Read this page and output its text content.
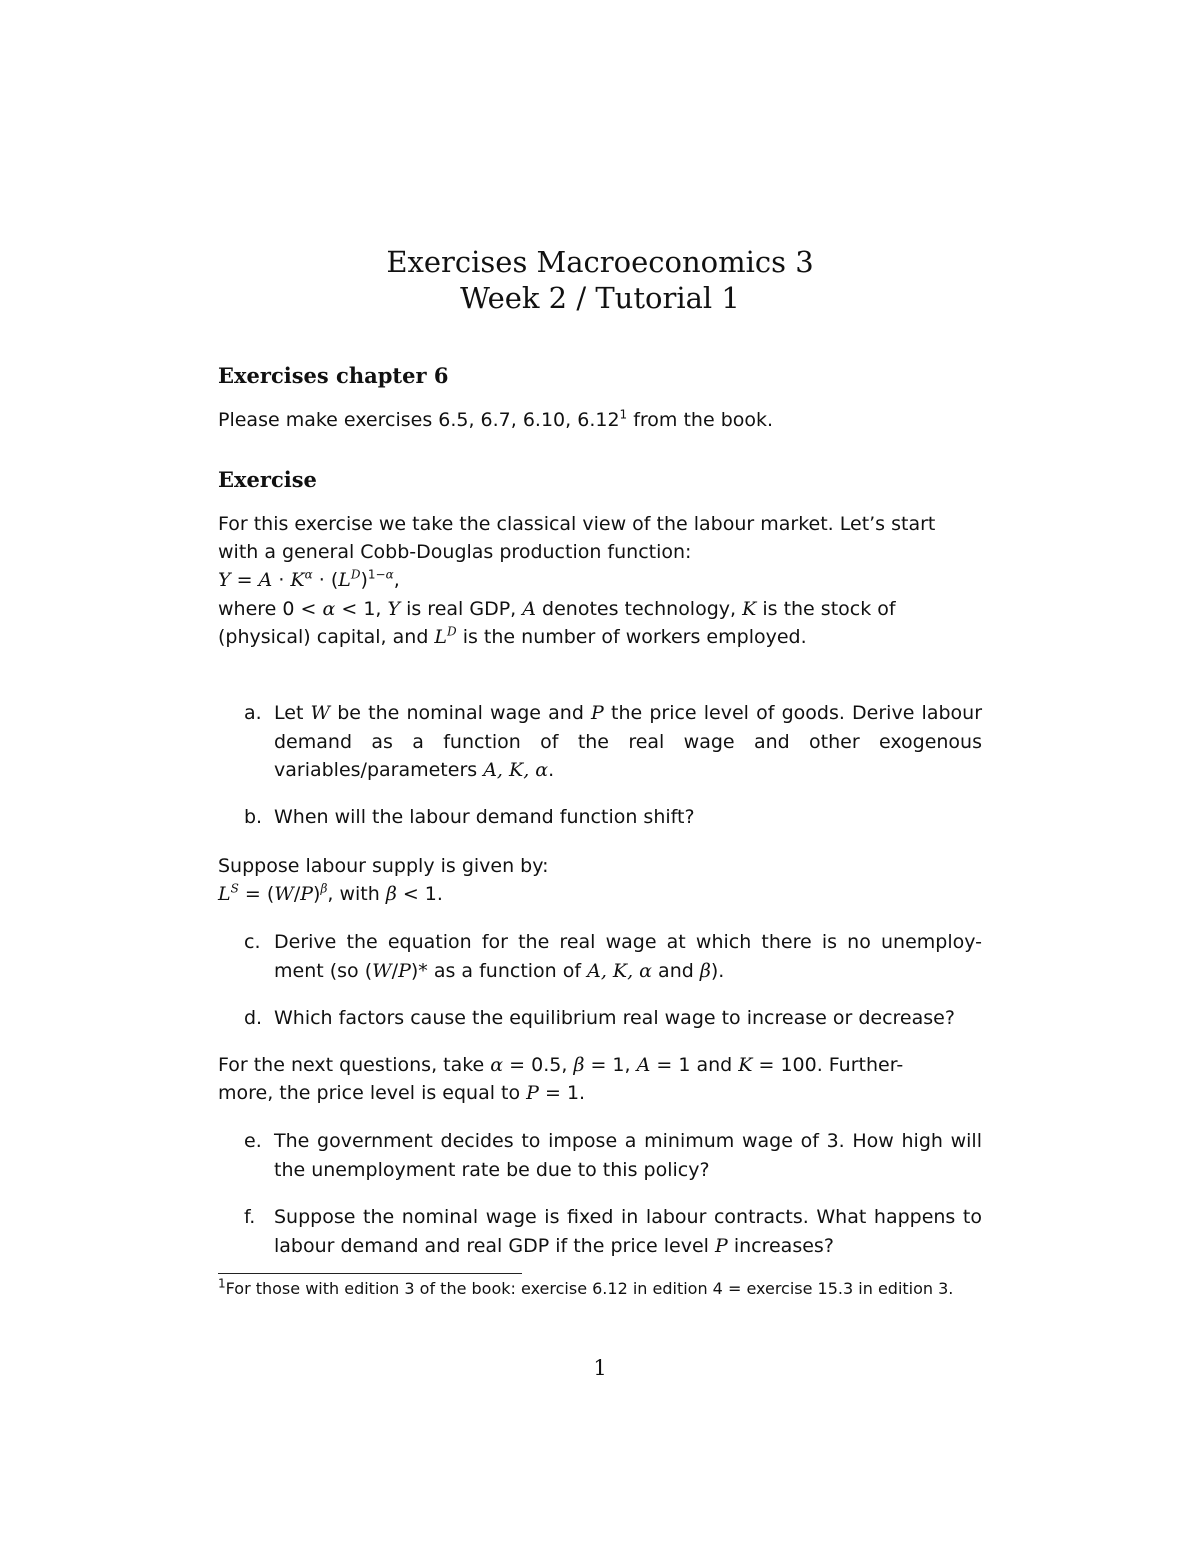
Exercises Macroeconomics 3
Week 2 / Tutorial 1
Exercises chapter 6
Please make exercises 6.5, 6.7, 6.10, 6.12$^1$ from the book.
Exercise
For this exercise we take the classical view of the labour market. Let’s start
with a general Cobb-Douglas production function:
$Y = A \cdot K^\alpha \cdot (L^D)^{1-\alpha}$,
where 0 < α < 1, Y is real GDP, A denotes technology, K is the stock of
(physical) capital, and $L^D$ is the number of workers employed.
a. Let W be the nominal wage and P the price level of goods. Derive labour demand as a function of the real wage and other exogenous variables/parameters A, K, α.
b. When will the labour demand function shift?
Suppose labour supply is given by:
$L^S = (W/P)^\beta$, with β < 1.
c. Derive the equation for the real wage at which there is no unemploy-ment (so (W/P)* as a function of A, K, α and β).
d. Which factors cause the equilibrium real wage to increase or decrease?
For the next questions, take α = 0.5, β = 1, A = 1 and K = 100. Further-
more, the price level is equal to P = 1.
e. The government decides to impose a minimum wage of 3. How high will the unemployment rate be due to this policy?
f. Suppose the nominal wage is fixed in labour contracts. What happens to labour demand and real GDP if the price level P increases?
$^1$For those with edition 3 of the book: exercise 6.12 in edition 4 = exercise 15.3 in edition 3.
1
